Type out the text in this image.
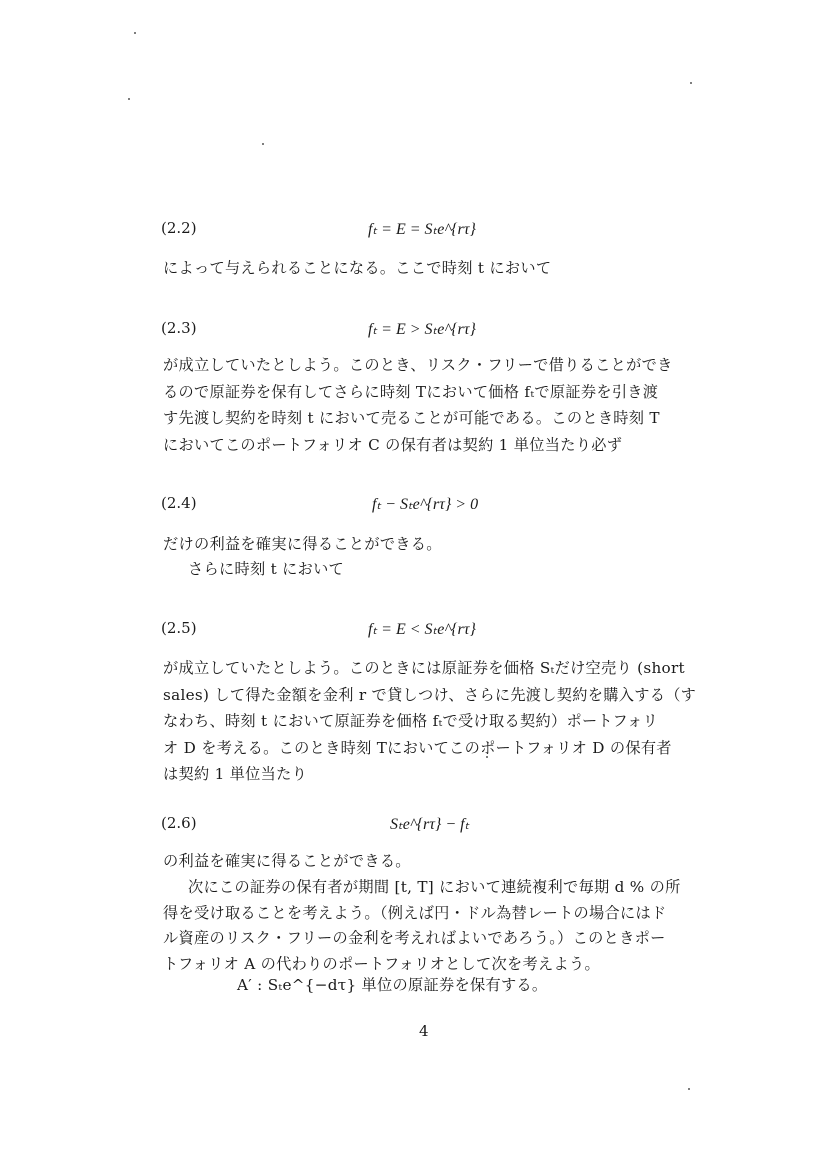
(2.2)	fₜ = E = Sₜe^{rτ}
によって与えられることになる。ここで時刻 t において
(2.3)	fₜ = E > Sₜe^{rτ}
が成立していたとしよう。このとき、リスク・フリーで借りることができ
るので原証券を保有してさらに時刻 Tにおいて価格 fₜで原証券を引き渡
す先渡し契約を時刻 t において売ることが可能である。このとき時刻 T
においてこのポートフォリオ C の保有者は契約 1 単位当たり必ず
(2.4)	fₜ − Sₜe^{rτ} > 0
だけの利益を確実に得ることができる。
さらに時刻 t において
(2.5)	fₜ = E < Sₜe^{rτ}
が成立していたとしよう。このときには原証券を価格 Sₜだけ空売り (short
sales) して得た金額を金利 r で貸しつけ、さらに先渡し契約を購入する（す
なわち、時刻 t において原証券を価格 fₜで受け取る契約）ポートフォリ
オ D を考える。このとき時刻 Tにおいてこのポートフォリオ D の保有者
は契約 1 単位当たり
(2.6)	Sₜe^{rτ} − fₜ
の利益を確実に得ることができる。
次にこの証券の保有者が期間 [t, T] において連続複利で毎期 d % の所
得を受け取ることを考えよう。（例えば円・ドル為替レートの場合にはド
ル資産のリスク・フリーの金利を考えればよいであろう。）このときポー
トフォリオ A の代わりのポートフォリオとして次を考えよう。
A′ : Sₜe^{−dτ} 単位の原証券を保有する。
4
